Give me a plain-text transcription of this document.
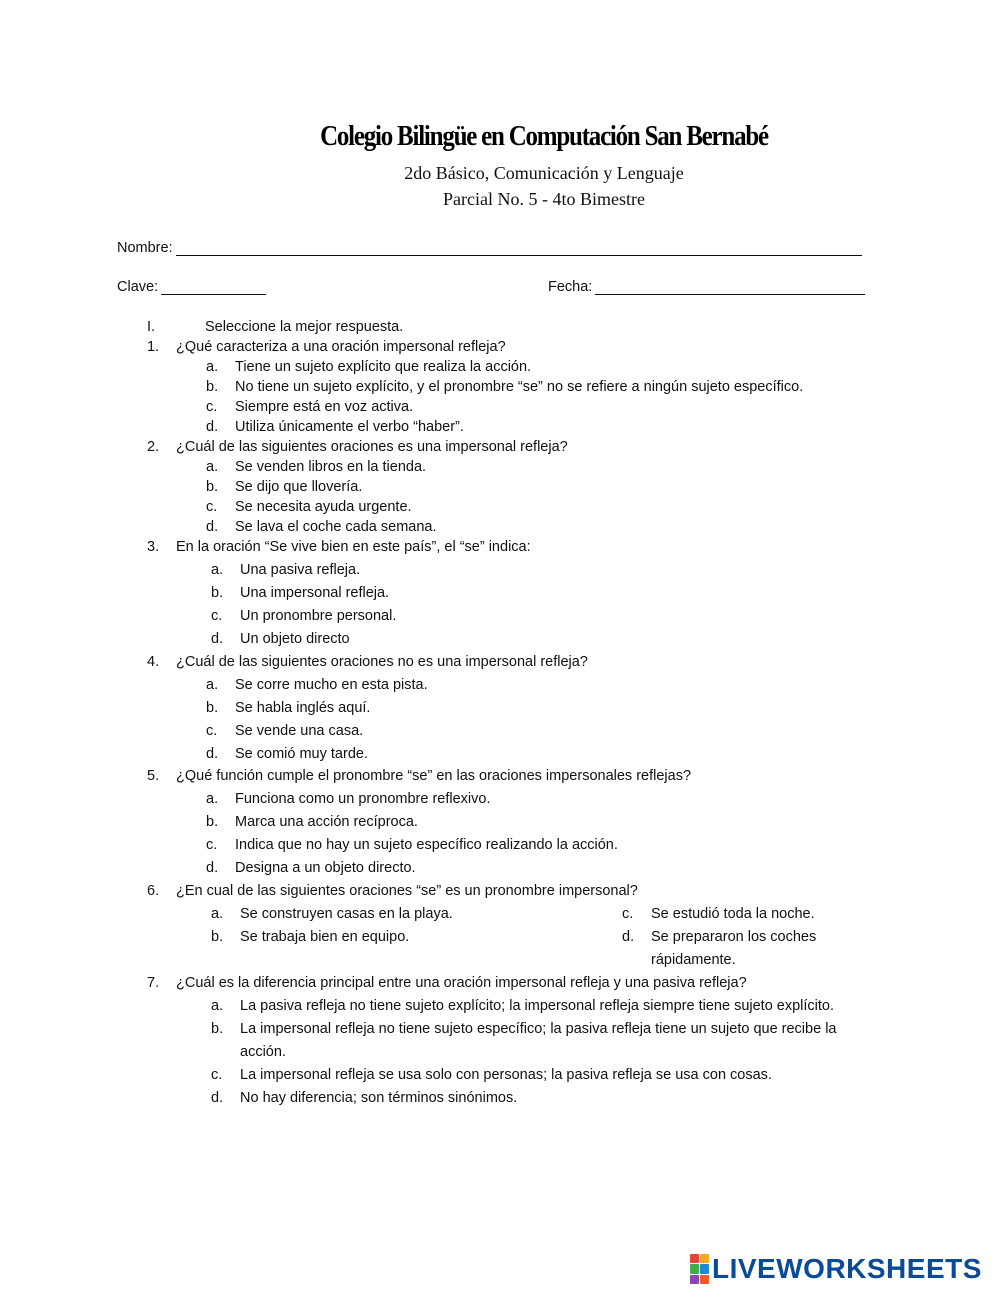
Colegio Bilingüe en Computación San Bernabé
2do Básico, Comunicación y Lenguaje
Parcial No. 5 - 4to Bimestre
Nombre:
Clave:	Fecha:
I.	Seleccione la mejor respuesta.
1. ¿Qué caracteriza a una oración impersonal refleja?
a. Tiene un sujeto explícito que realiza la acción.
b. No tiene un sujeto explícito, y el pronombre “se” no se refiere a ningún sujeto específico.
c. Siempre está en voz activa.
d. Utiliza únicamente el verbo “haber”.
2. ¿Cuál de las siguientes oraciones es una impersonal refleja?
a. Se venden libros en la tienda.
b. Se dijo que llovería.
c. Se necesita ayuda urgente.
d. Se lava el coche cada semana.
3. En la oración “Se vive bien en este país”, el “se” indica:
a. Una pasiva refleja.
b. Una impersonal refleja.
c. Un pronombre personal.
d. Un objeto directo
4. ¿Cuál de las siguientes oraciones no es una impersonal refleja?
a. Se corre mucho en esta pista.
b. Se habla inglés aquí.
c. Se vende una casa.
d. Se comió muy tarde.
5. ¿Qué función cumple el pronombre “se” en las oraciones impersonales reflejas?
a. Funciona como un pronombre reflexivo.
b. Marca una acción recíproca.
c. Indica que no hay un sujeto específico realizando la acción.
d. Designa a un objeto directo.
6. ¿En cual de las siguientes oraciones “se” es un pronombre impersonal?
a. Se construyen casas en la playa.	c. Se estudió toda la noche.
b. Se trabaja bien en equipo.	d. Se prepararon los coches
rápidamente.
7. ¿Cuál es la diferencia principal entre una oración impersonal refleja y una pasiva refleja?
a. La pasiva refleja no tiene sujeto explícito; la impersonal refleja siempre tiene sujeto explícito.
b. La impersonal refleja no tiene sujeto específico; la pasiva refleja tiene un sujeto que recibe la
acción.
c. La impersonal refleja se usa solo con personas; la pasiva refleja se usa con cosas.
d. No hay diferencia; son términos sinónimos.
LIVEWORKSHEETS
